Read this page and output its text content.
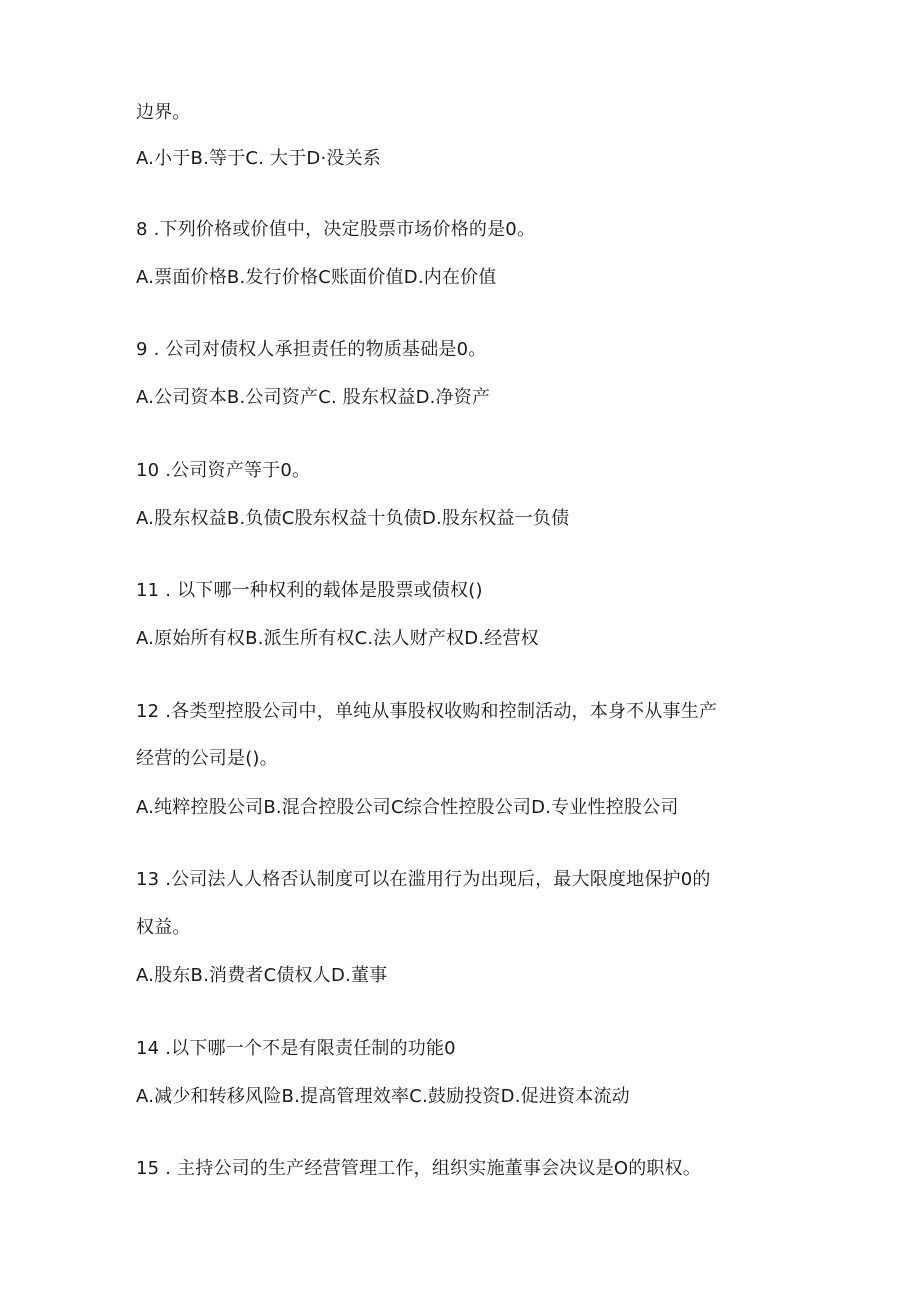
边界。
A.小于B.等于C. 大于D·没关系
8 .下列价格或价值中，决定股票市场价格的是0。
A.票面价格B.发行价格C账面价值D.内在价值
9 . 公司对债权人承担责任的物质基础是0。
A.公司资本B.公司资产C. 股东权益D.净资产
10 .公司资产等于0。
A.股东权益B.负债C股东权益十负债D.股东权益一负债
11 . 以下哪一种权利的载体是股票或债权()
A.原始所有权B.派生所有权C.法人财产权D.经营权
12 .各类型控股公司中，单纯从事股权收购和控制活动，本身不从事生产
经营的公司是()。
A.纯粹控股公司B.混合控股公司C综合性控股公司D.专业性控股公司
13 .公司法人人格否认制度可以在滥用行为出现后，最大限度地保护0的
权益。
A.股东B.消费者C债权人D.董事
14 .以下哪一个不是有限责任制的功能0
A.减少和转移风险B.提高管理效率C.鼓励投资D.促进资本流动
15 . 主持公司的生产经营管理工作，组织实施董事会决议是O的职权。
